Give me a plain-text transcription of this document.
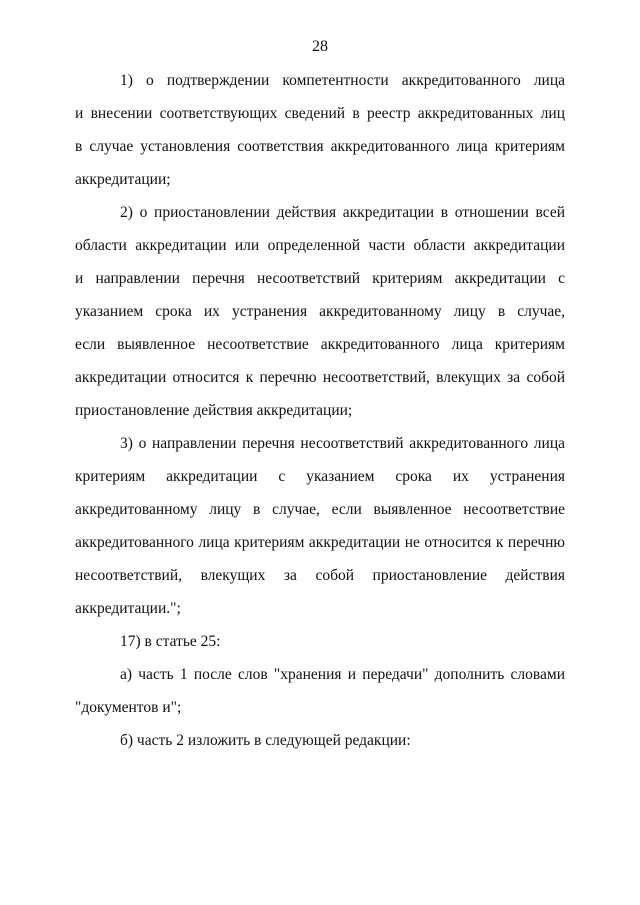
28
1) о подтверждении компетентности аккредитованного лица
и внесении соответствующих сведений в реестр аккредитованных лиц
в случае установления соответствия аккредитованного лица критериям
аккредитации;
2) о приостановлении действия аккредитации в отношении всей
области аккредитации или определенной части области аккредитации
и направлении перечня несоответствий критериям аккредитации с
указанием срока их устранения аккредитованному лицу в случае,
если выявленное несоответствие аккредитованного лица критериям
аккредитации относится к перечню несоответствий, влекущих за собой
приостановление действия аккредитации;
3) о направлении перечня несоответствий аккредитованного лица
критериям аккредитации с указанием срока их устранения
аккредитованному лицу в случае, если выявленное несоответствие
аккредитованного лица критериям аккредитации не относится к перечню
несоответствий, влекущих за собой приостановление действия
аккредитации.";
17) в статье 25:
а) часть 1 после слов "хранения и передачи" дополнить словами
"документов и";
б) часть 2 изложить в следующей редакции:
